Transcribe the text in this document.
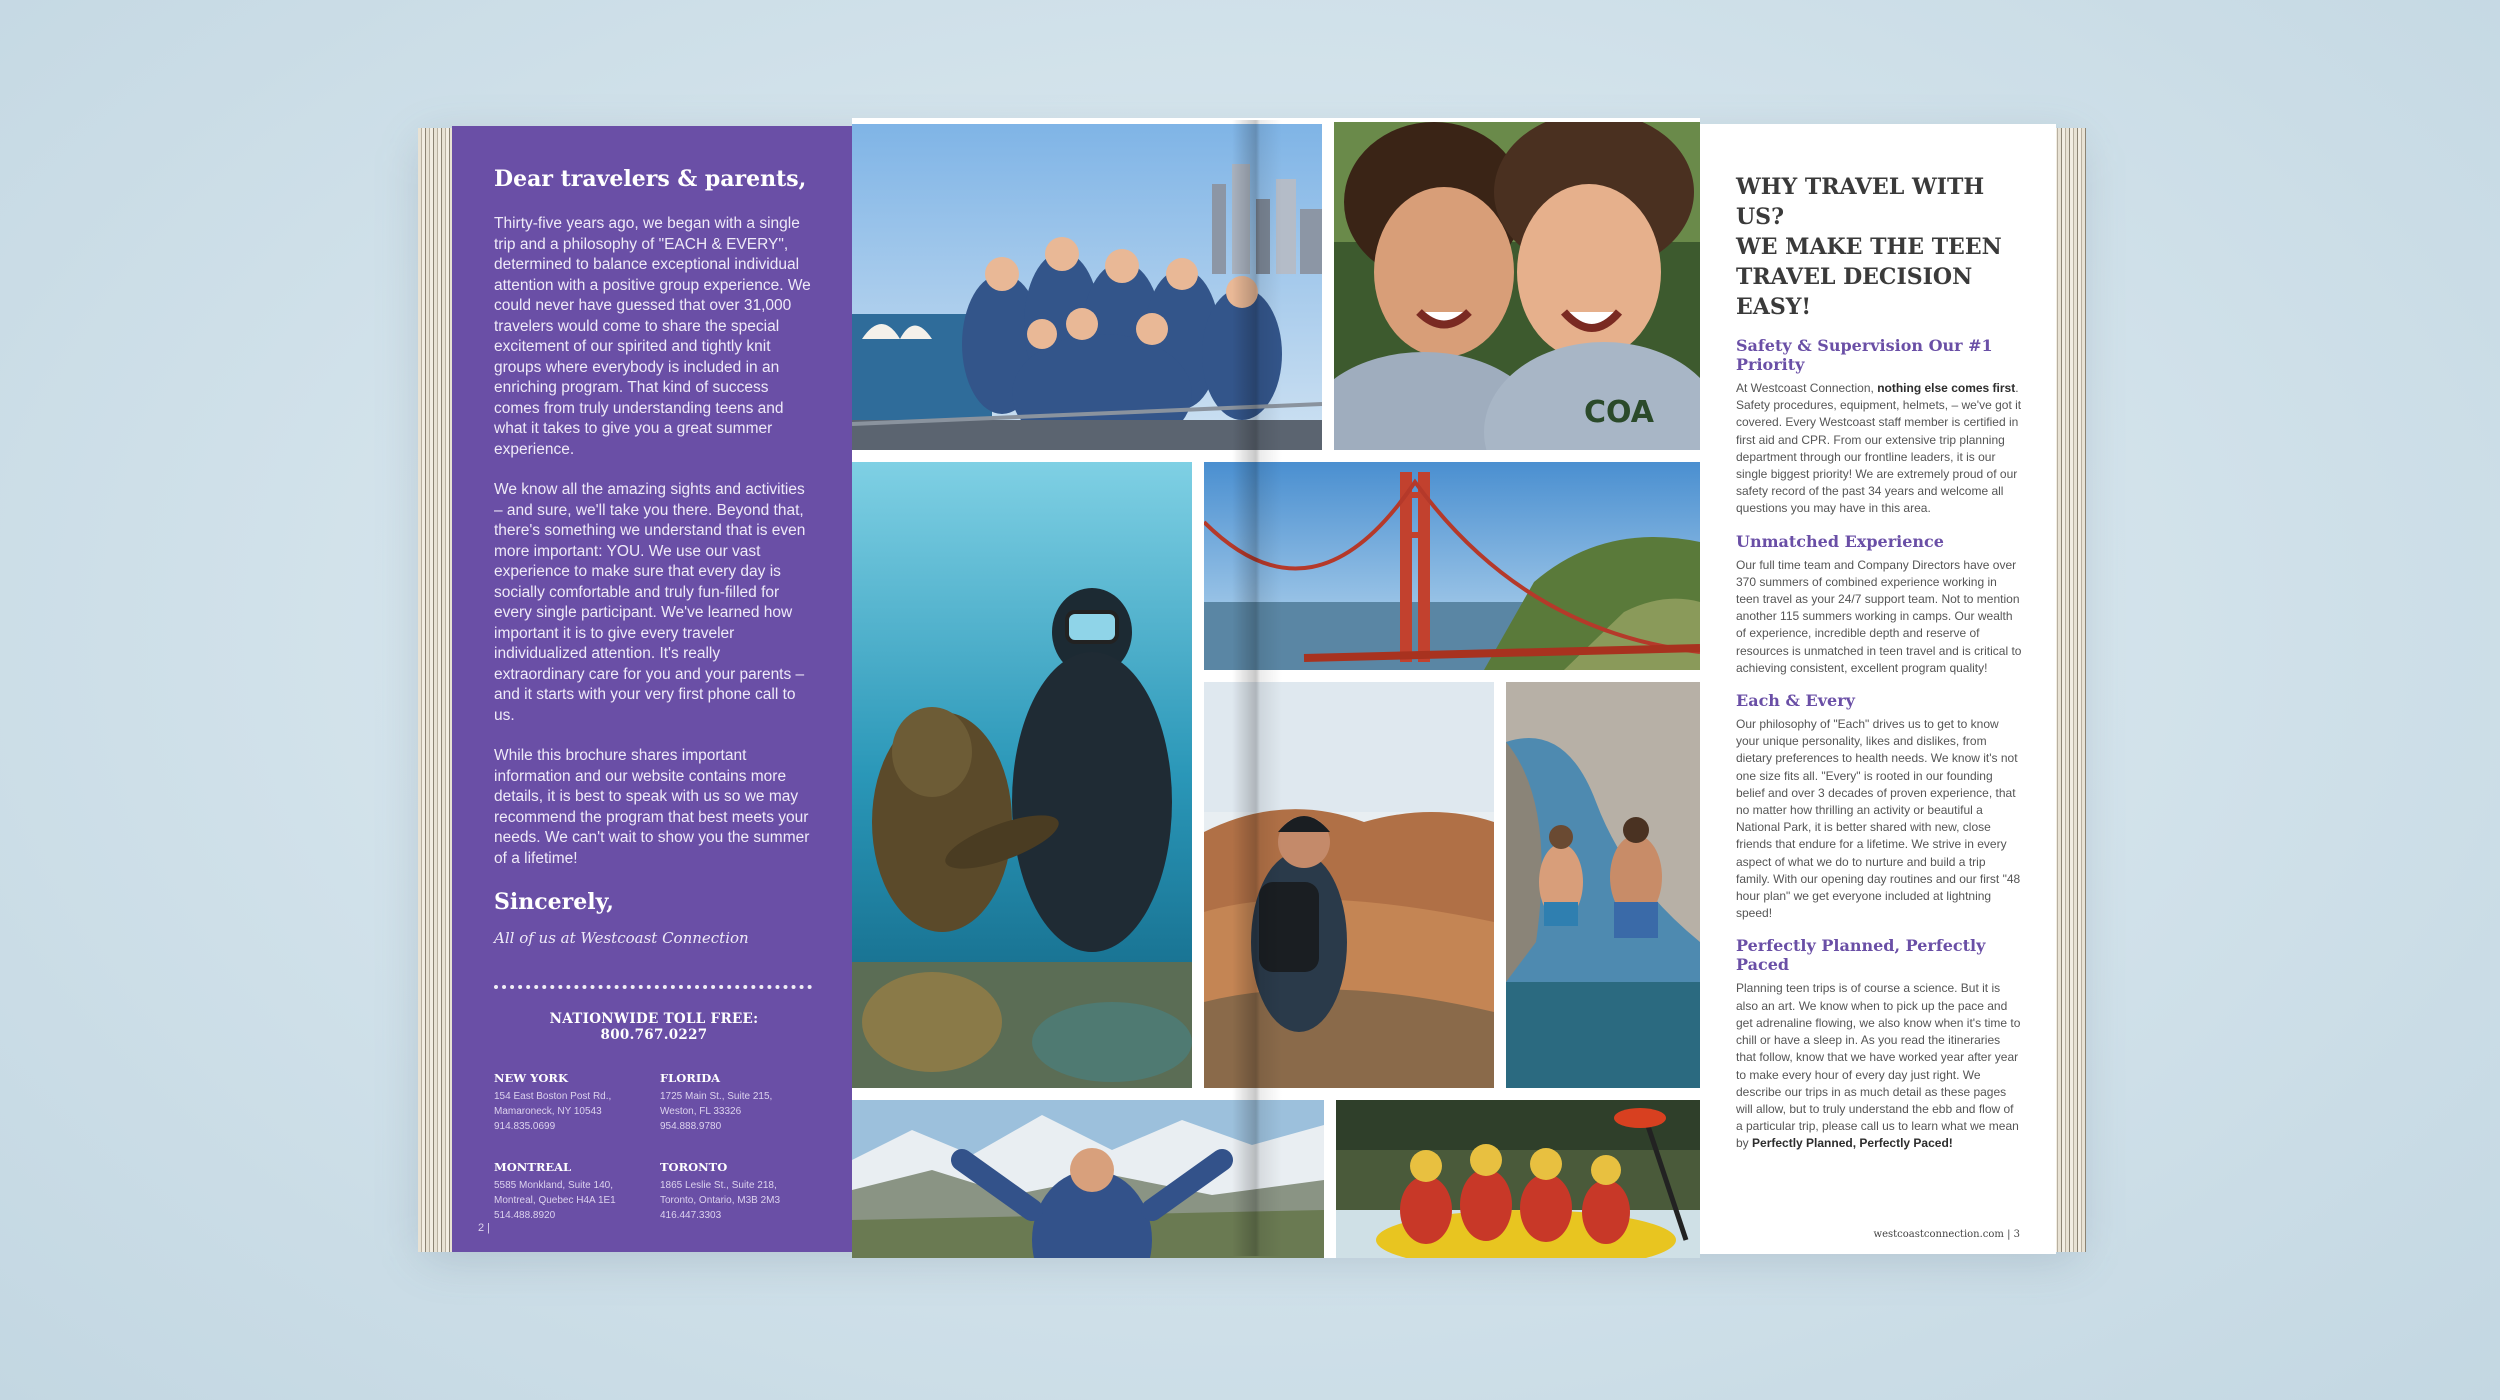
Dear travelers & parents,

Thirty-five years ago, we began with a single trip and a philosophy of "EACH & EVERY", determined to balance exceptional individual attention with a positive group experience. We could never have guessed that over 31,000 travelers would come to share the special excitement of our spirited and tightly knit groups where everybody is included in an enriching program. That kind of success comes from truly understanding teens and what it takes to give you a great summer experience.

We know all the amazing sights and activities – and sure, we'll take you there. Beyond that, there's something we understand that is even more important: YOU. We use our vast experience to make sure that every day is socially comfortable and truly fun-filled for every single participant. We've learned how important it is to give every traveler individualized attention. It's really extraordinary care for you and your parents – and it starts with your very first phone call to us.

While this brochure shares important information and our website contains more details, it is best to speak with us so we may recommend the program that best meets your needs. We can't wait to show you the summer of a lifetime!

Sincerely,
All of us at Westcoast Connection
NATIONWIDE TOLL FREE: 800.767.0227
NEW YORK
154 East Boston Post Rd.,
Mamaroneck, NY 10543
914.835.0699
FLORIDA
1725 Main St., Suite 215,
Weston, FL 33326
954.888.9780
MONTREAL
5585 Monkland, Suite 140,
Montreal, Quebec H4A 1E1
514.488.8920
TORONTO
1865 Leslie St., Suite 218,
Toronto, Ontario, M3B 2M3
416.447.3303
2 |
COA
WHY TRAVEL WITH US?
WE MAKE THE TEEN
TRAVEL DECISION EASY!
Safety & Supervision Our #1 Priority

At Westcoast Connection, nothing else comes first. Safety procedures, equipment, helmets, – we've got it covered. Every Westcoast staff member is certified in first aid and CPR. From our extensive trip planning department through our frontline leaders, it is our single biggest priority! We are extremely proud of our safety record of the past 34 years and welcome all questions you may have in this area.

Unmatched Experience

Our full time team and Company Directors have over 370 summers of combined experience working in teen travel as your 24/7 support team. Not to mention another 115 summers working in camps. Our wealth of experience, incredible depth and reserve of resources is unmatched in teen travel and is critical to achieving consistent, excellent program quality!

Each & Every

Our philosophy of "Each" drives us to get to know your unique personality, likes and dislikes, from dietary preferences to health needs. We know it's not one size fits all. "Every" is rooted in our founding belief and over 3 decades of proven experience, that no matter how thrilling an activity or beautiful a National Park, it is better shared with new, close friends that endure for a lifetime. We strive in every aspect of what we do to nurture and build a trip family. With our opening day routines and our first "48 hour plan" we get everyone included at lightning speed!

Perfectly Planned, Perfectly Paced

Planning teen trips is of course a science. But it is also an art. We know when to pick up the pace and get adrenaline flowing, we also know when it's time to chill or have a sleep in. As you read the itineraries that follow, know that we have worked year after year to make every hour of every day just right. We describe our trips in as much detail as these pages will allow, but to truly understand the ebb and flow of a particular trip, please call us to learn what we mean by Perfectly Planned, Perfectly Paced!

westcoastconnection.com | 3
